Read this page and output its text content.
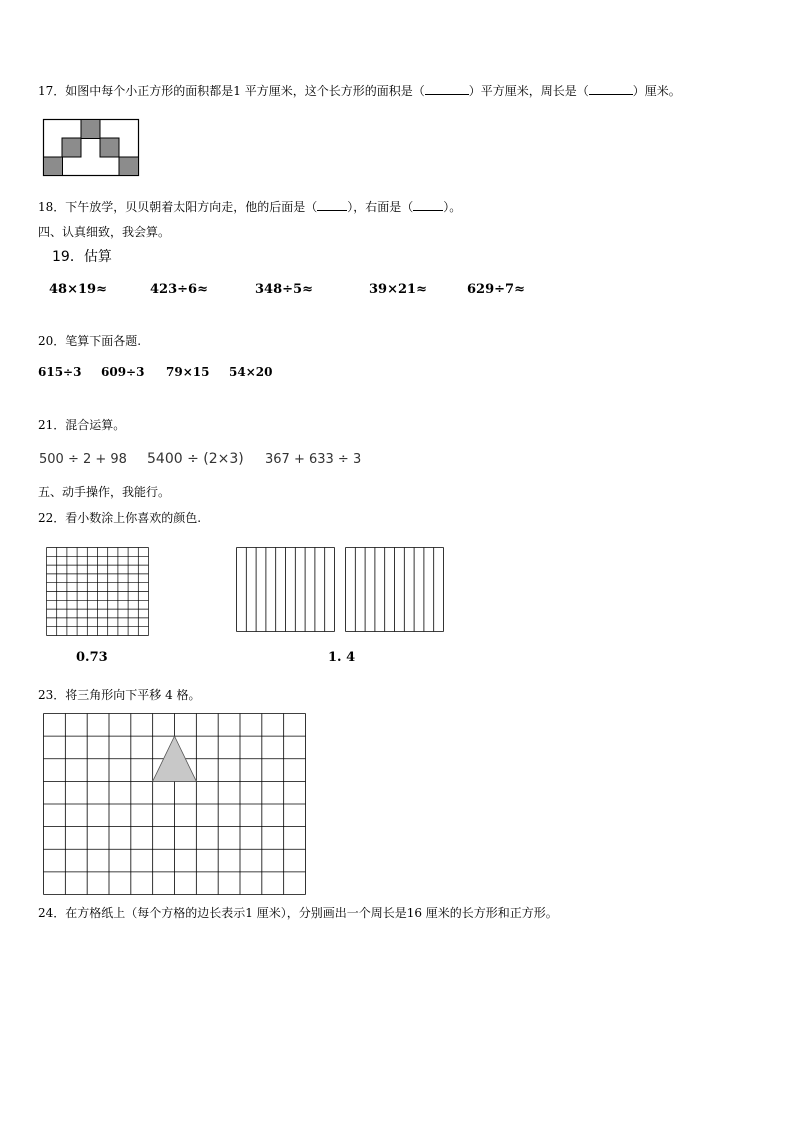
17．如图中每个小正方形的面积都是1 平方厘米，这个长方形的面积是（	）平方厘米，周长是（	）厘米。
18．下午放学，贝贝朝着太阳方向走，他的后面是（	），右面是（	）。
四、认真细致，我会算。
19．估算
48×19≈	423÷6≈	348÷5≈	39×21≈	629÷7≈
20．笔算下面各题.
615÷3 609÷3 79×15 54×20
21．混合运算。
500 ÷ 2 + 98 5400 ÷ (2×3) 367 + 633 ÷ 3
五、动手操作，我能行。
22．看小数涂上你喜欢的颜色.
0.73	1. 4
23．将三角形向下平移 4 格。
24．在方格纸上（每个方格的边长表示1 厘米），分别画出一个周长是16 厘米的长方形和正方形。
